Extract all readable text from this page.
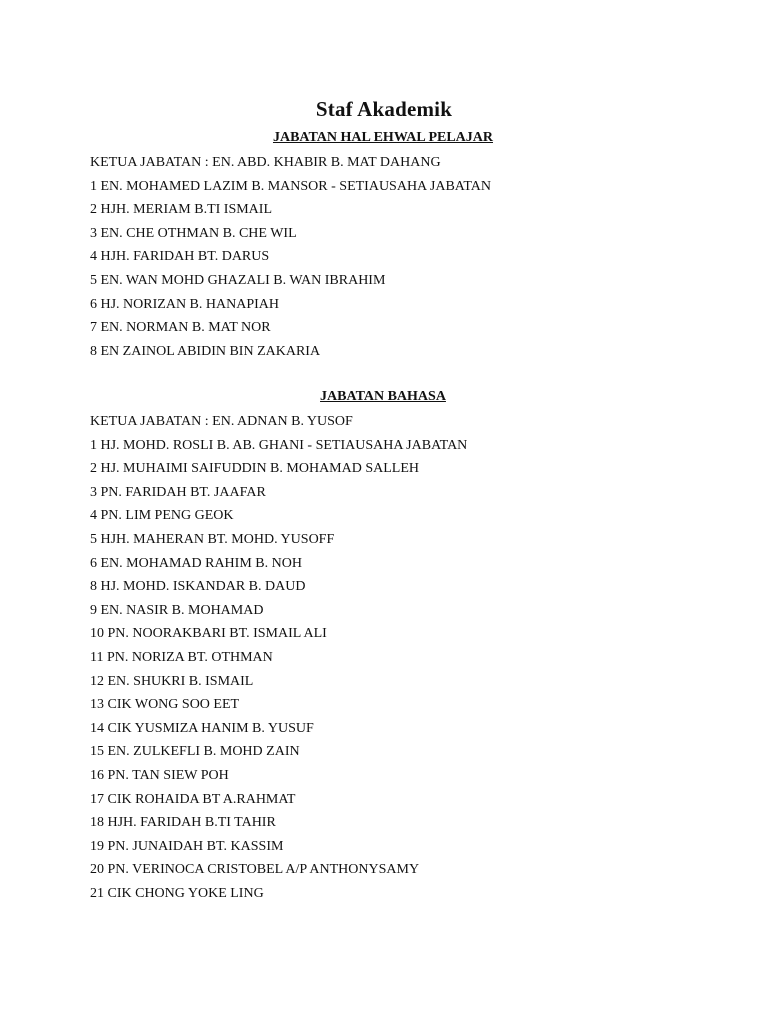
Staf Akademik
JABATAN HAL EHWAL PELAJAR
KETUA JABATAN : EN. ABD. KHABIR B. MAT DAHANG
1 EN. MOHAMED LAZIM B. MANSOR - SETIAUSAHA JABATAN
2 HJH. MERIAM B.TI ISMAIL
3 EN. CHE OTHMAN B. CHE WIL
4 HJH. FARIDAH BT. DARUS
5 EN. WAN MOHD GHAZALI B. WAN IBRAHIM
6 HJ. NORIZAN B. HANAPIAH
7 EN. NORMAN B. MAT NOR
8 EN ZAINOL ABIDIN BIN ZAKARIA
JABATAN BAHASA
KETUA JABATAN : EN. ADNAN B. YUSOF
1 HJ. MOHD. ROSLI B. AB. GHANI - SETIAUSAHA JABATAN
2 HJ. MUHAIMI SAIFUDDIN B. MOHAMAD SALLEH
3 PN. FARIDAH BT. JAAFAR
4 PN. LIM PENG GEOK
5 HJH. MAHERAN BT. MOHD. YUSOFF
6 EN. MOHAMAD RAHIM B. NOH
8 HJ. MOHD. ISKANDAR B. DAUD
9 EN. NASIR B. MOHAMAD
10 PN. NOORAKBARI BT. ISMAIL ALI
11 PN. NORIZA BT. OTHMAN
12 EN. SHUKRI B. ISMAIL
13 CIK WONG SOO EET
14 CIK YUSMIZA HANIM B. YUSUF
15 EN. ZULKEFLI B. MOHD ZAIN
16 PN. TAN SIEW POH
17 CIK ROHAIDA BT A.RAHMAT
18 HJH. FARIDAH B.TI TAHIR
19 PN. JUNAIDAH BT. KASSIM
20 PN. VERINOCA CRISTOBEL A/P ANTHONYSAMY
21 CIK CHONG YOKE LING
